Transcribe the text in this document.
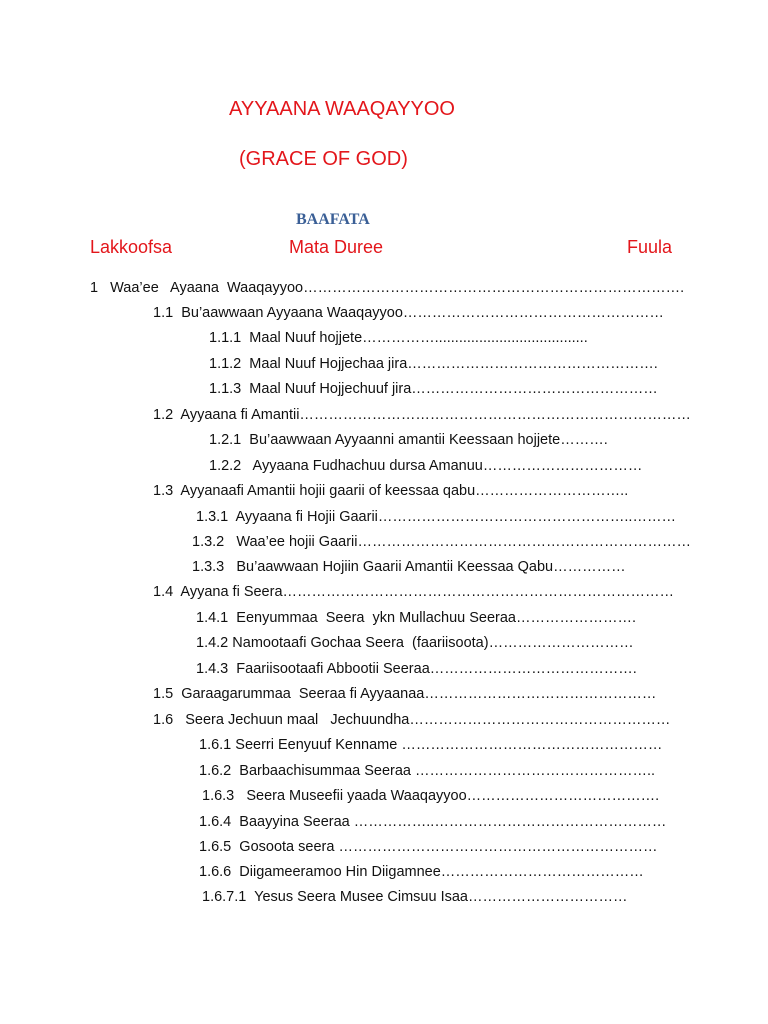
AYYAANA WAAQAYYOO
(GRACE OF GOD)
BAAFATA
Lakkoofsa	Mata Duree	Fuula
1   Waa’ee   Ayaana  Waaqayyoo…………………………………………………………………….
1.1  Bu’aawwaan Ayyaana Waaqayyoo………………………………………………
1.1.1  Maal Nuuf hojjete……………......................................
1.1.2  Maal Nuuf Hojjechaa jira…………………………………………….
1.1.3  Maal Nuuf Hojjechuuf jira……………………………………………
1.2  Ayyaana fi Amantii………………………………………………………………………
1.2.1  Bu’aawwaan Ayyaanni amantii Keessaan hojjete……….
1.2.2   Ayyaana Fudhachuu dursa Amanuu……………………………
1.3  Ayyanaafi Amantii hojii gaarii of keessaa qabu…………………………..
1.3.1  Ayyaana fi Hojii Gaarii……………………………………………..………
1.3.2   Waa’ee hojii Gaarii……………………………………………………………
1.3.3   Bu’aawwaan Hojiin Gaarii Amantii Keessaa Qabu……………
1.4  Ayyana fi Seera………………………………………………………………………
1.4.1  Eenyummaa  Seera  ykn Mullachuu Seeraa…………………….
1.4.2 Namootaafi Gochaa Seera  (faariisoota)…………………………
1.4.3  Faariisootaafi Abbootii Seeraa…………………………………….
1.5  Garaagarummaa  Seeraa fi Ayyaanaa…………………………………………
1.6   Seera Jechuun maal   Jechuundha………………………………………………
1.6.1 Seerri Eenyuuf Kenname ………………………………………………
1.6.2  Barbaachisummaa Seeraa …………………………………………..
1.6.3   Seera Museefii yaada Waaqayyoo………………………………….
1.6.4  Baayyina Seeraa ……………..…………………………………………
1.6.5  Gosoota seera …………………………………………………………
1.6.6  Diigameeramoo Hin Diigamnee……………………………………
1.6.7.1  Yesus Seera Musee Cimsuu Isaa……………………………
